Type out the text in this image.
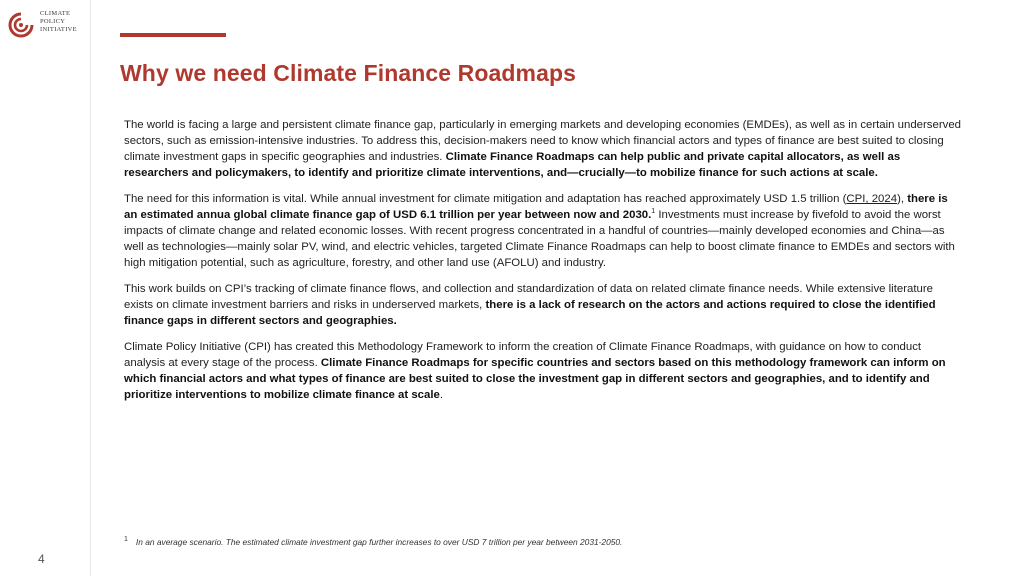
CLIMATE
POLICY
INITIATIVE
Why we need Climate Finance Roadmaps

The world is facing a large and persistent climate finance gap, particularly in emerging markets and developing economies (EMDEs), as well as in certain underserved sectors, such as emission-intensive industries. To address this, decision-makers need to know which financial actors and types of finance are best suited to closing climate investment gaps in specific geographies and industries. Climate Finance Roadmaps can help public and private capital allocators, as well as researchers and policymakers, to identify and prioritize climate interventions, and—crucially—to mobilize finance for such actions at scale.

The need for this information is vital. While annual investment for climate mitigation and adaptation has reached approximately USD 1.5 trillion (CPI, 2024), there is an estimated annua global climate finance gap of USD 6.1 trillion per year between now and 2030.$^1$ Investments must increase by fivefold to avoid the worst impacts of climate change and related economic losses. With recent progress concentrated in a handful of countries—mainly developed economies and China—as well as technologies—mainly solar PV, wind, and electric vehicles, targeted Climate Finance Roadmaps can help to boost climate finance to EMDEs and sectors with high mitigation potential, such as agriculture, forestry, and other land use (AFOLU) and industry.

This work builds on CPI’s tracking of climate finance flows, and collection and standardization of data on related climate finance needs. While extensive literature exists on climate investment barriers and risks in underserved markets, there is a lack of research on the actors and actions required to close the identified finance gaps in different sectors and geographies.

Climate Policy Initiative (CPI) has created this Methodology Framework to inform the creation of Climate Finance Roadmaps, with guidance on how to conduct analysis at every stage of the process. Climate Finance Roadmaps for specific countries and sectors based on this methodology framework can inform on which financial actors and what types of finance are best suited to close the investment gap in different sectors and geographies, and to identify and prioritize interventions to mobilize climate finance at scale.

$^1$ In an average scenario. The estimated climate investment gap further increases to over USD 7 trillion per year between 2031-2050.
4
